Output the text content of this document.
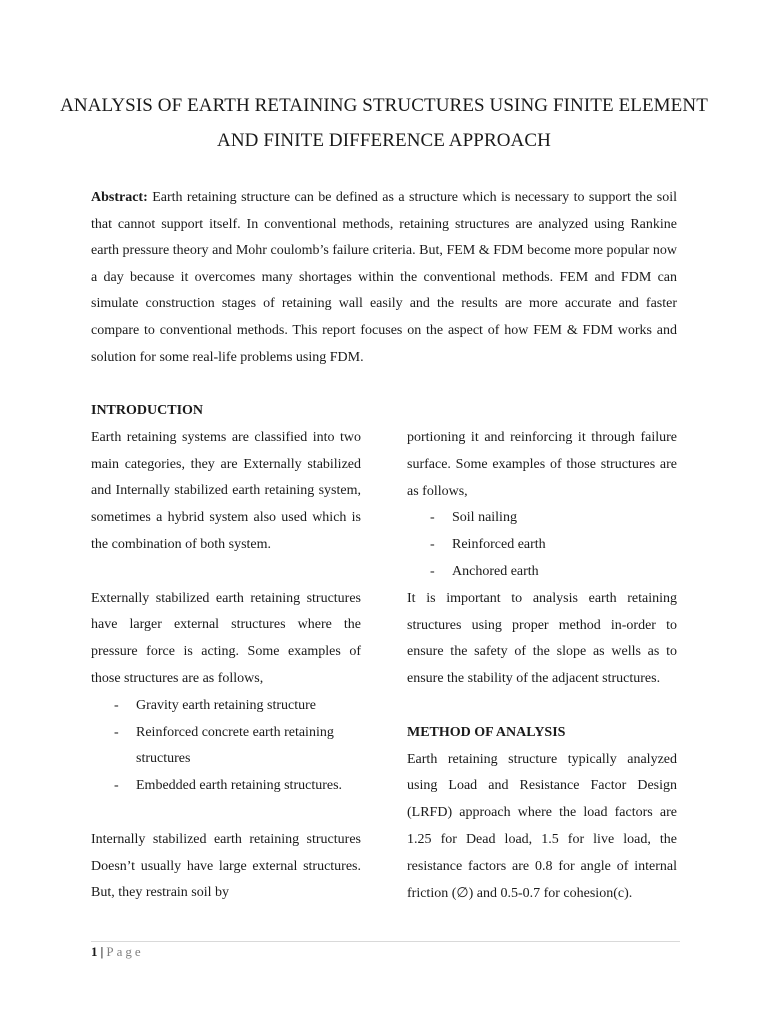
ANALYSIS OF EARTH RETAINING STRUCTURES USING FINITE ELEMENT AND FINITE DIFFERENCE APPROACH
Abstract: Earth retaining structure can be defined as a structure which is necessary to support the soil that cannot support itself. In conventional methods, retaining structures are analyzed using Rankine earth pressure theory and Mohr coulomb’s failure criteria. But, FEM & FDM become more popular now a day because it overcomes many shortages within the conventional methods. FEM and FDM can simulate construction stages of retaining wall easily and the results are more accurate and faster compare to conventional methods. This report focuses on the aspect of how FEM & FDM works and solution for some real-life problems using FDM.
INTRODUCTION

Earth retaining systems are classified into two main categories, they are Externally stabilized and Internally stabilized earth retaining system, sometimes a hybrid system also used which is the combination of both system.

Externally stabilized earth retaining structures have larger external structures where the pressure force is acting. Some examples of those structures are as follows,

- Gravity earth retaining structure
- Reinforced concrete earth retaining structures
- Embedded earth retaining structures.

Internally stabilized earth retaining structures Doesn’t usually have large external structures. But, they restrain soil by

portioning it and reinforcing it through failure surface. Some examples of those structures are as follows,

- Soil nailing
- Reinforced earth
- Anchored earth

It is important to analysis earth retaining structures using proper method in-order to ensure the safety of the slope as wells as to ensure the stability of the adjacent structures.

METHOD OF ANALYSIS

Earth retaining structure typically analyzed using Load and Resistance Factor Design (LRFD) approach where the load factors are 1.25 for Dead load, 1.5 for live load, the resistance factors are 0.8 for angle of internal friction (∅) and 0.5-0.7 for cohesion(c).

1 | Page
